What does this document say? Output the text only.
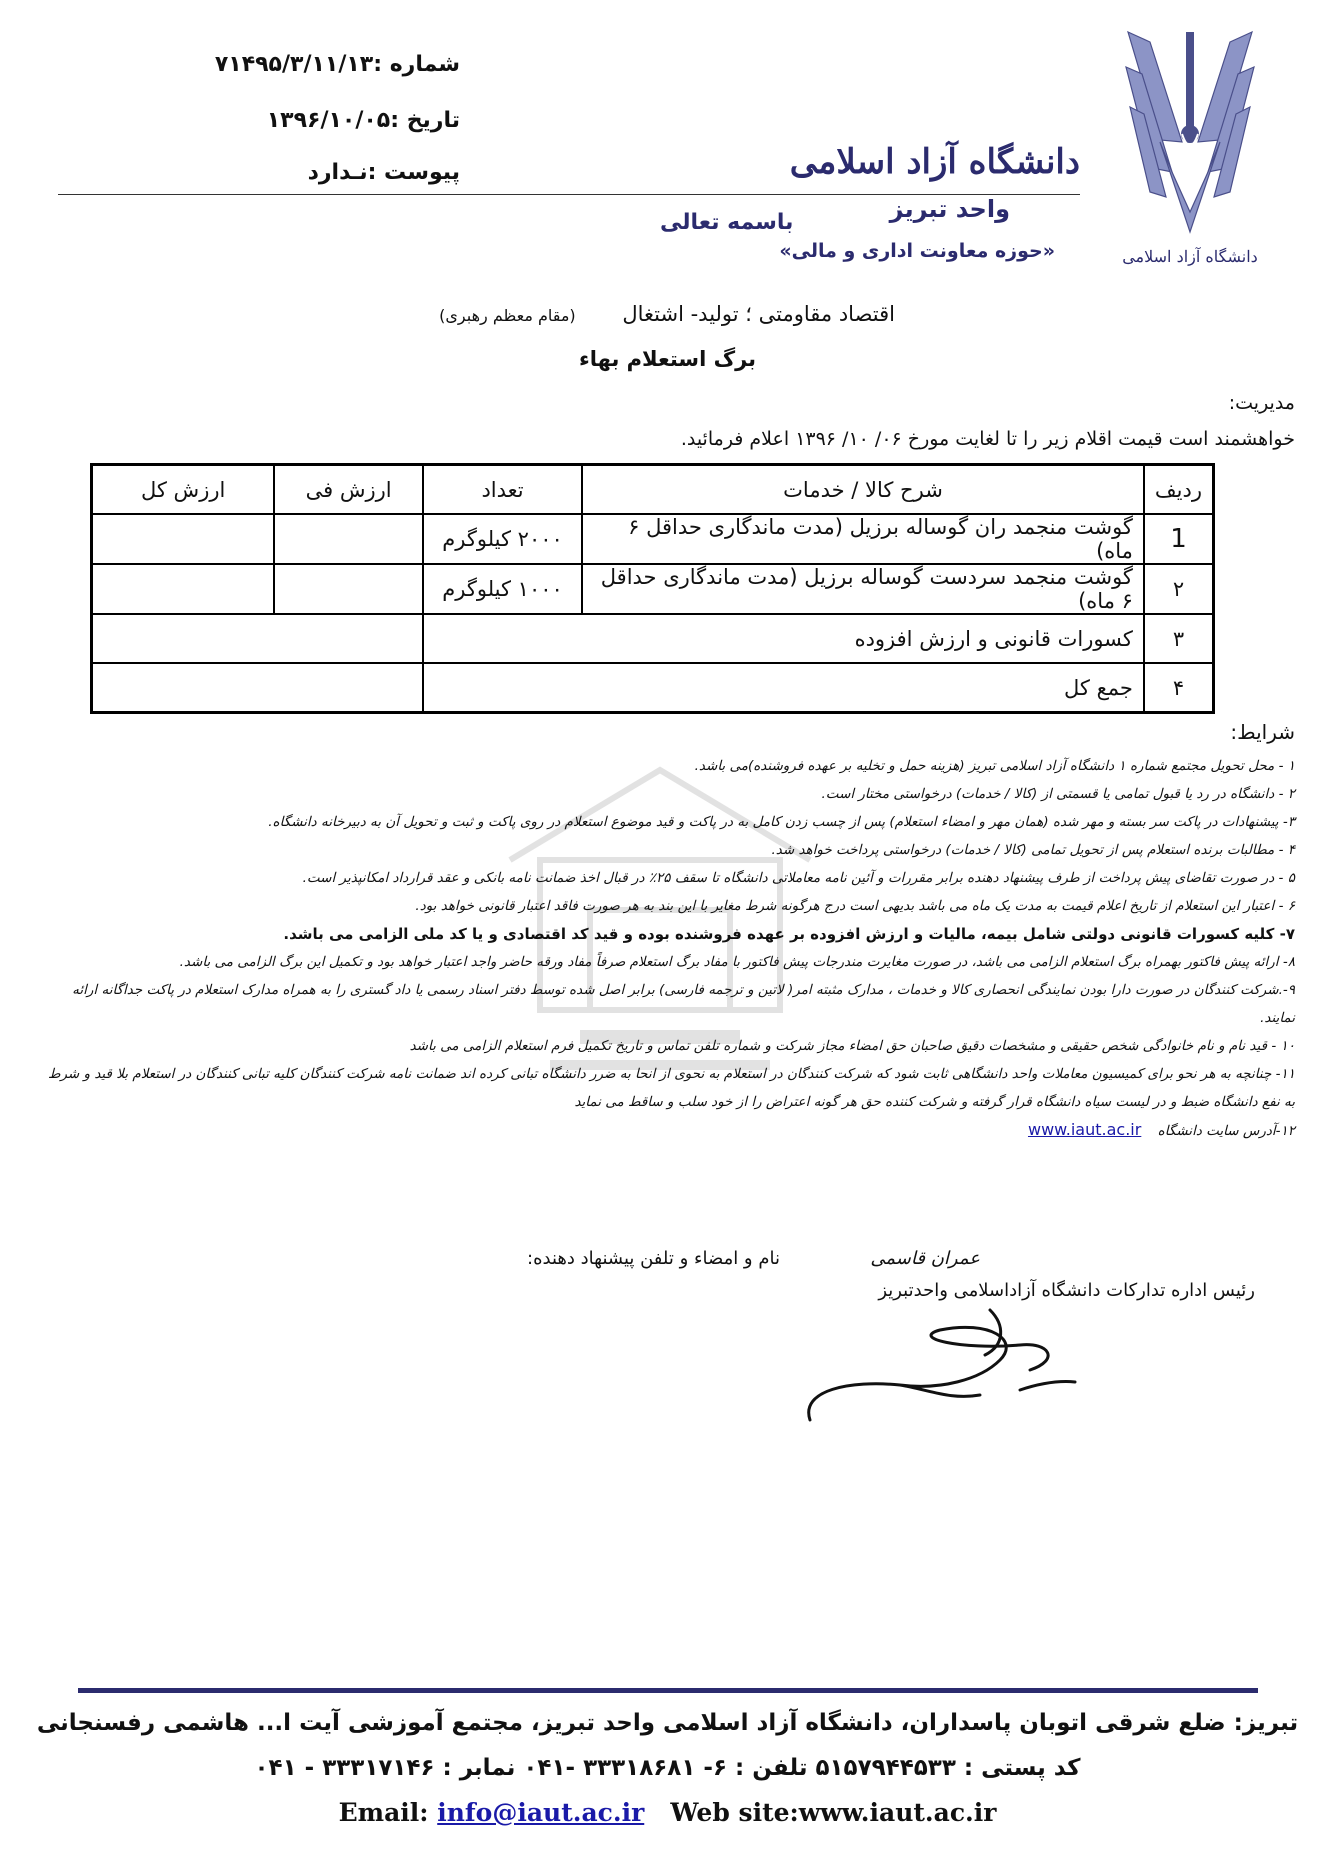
دانشگاه آزاد اسلامی
دانشگاه آزاد اسلامی
واحد تبریز
«حوزه معاونت اداری و مالی»
باسمه تعالی
شماره :۷۱۴۹۵/۳/۱۱/۱۳
تاریخ :۱۳۹۶/۱۰/۰۵
پیوست :نـدارد
اقتصاد مقاومتی ؛ تولید- اشتغال (مقام معظم رهبری)
برگ استعلام بهاء
مدیریت:
خواهشمند است قیمت اقلام زیر را تا لغایت مورخ ۰۶/ ۱۰/ ۱۳۹۶ اعلام فرمائید.
ردیف	شرح کالا / خدمات	تعداد	ارزش فی	ارزش کل
1	گوشت منجمد ران گوساله برزیل (مدت ماندگاری حداقل ۶ ماه)	۲۰۰۰ کیلوگرم		
۲	گوشت منجمد سردست گوساله برزیل (مدت ماندگاری حداقل ۶ ماه)	۱۰۰۰ کیلوگرم		
۳	کسورات قانونی و ارزش افزوده			
۴	جمع کل			
شرایط:
۱ - محل تحویل مجتمع شماره ۱ دانشگاه آزاد اسلامی تبریز (هزینه حمل و تخلیه بر عهده فروشنده)می باشد.
۲ - دانشگاه در رد یا قبول تمامی یا قسمتی از (کالا / خدمات) درخواستی مختار است.
۳- پیشنهادات در پاکت سر بسته و مهر شده (همان مهر و امضاء استعلام) پس از چسب زدن کامل به در پاکت و قید موضوع استعلام در روی پاکت و ثبت و تحویل آن به دبیرخانه دانشگاه.
۴ - مطالبات برنده استعلام پس از تحویل تمامی (کالا / خدمات) درخواستی پرداخت خواهد شد.
۵ - در صورت تقاضای پیش پرداخت از طرف پیشنهاد دهنده برابر مقررات و آئین نامه معاملاتی دانشگاه تا سقف ۲۵٪ در قبال اخذ ضمانت نامه بانکی و عقد قرارداد امکانپذیر است.
۶ - اعتبار این استعلام از تاریخ اعلام قیمت به مدت یک ماه می باشد بدیهی است درج هرگونه شرط مغایر با این بند به هر صورت فاقد اعتبار قانونی خواهد بود.
۷- کلیه کسورات قانونی دولتی شامل بیمه، مالیات و ارزش افزوده بر عهده فروشنده بوده و قید کد اقتصادی و یا کد ملی الزامی می باشد.
۸- ارائه پیش فاکتور بهمراه برگ استعلام الزامی می باشد، در صورت مغایرت مندرجات پیش فاکتور با مفاد برگ استعلام صرفاً مفاد ورقه حاضر واجد اعتبار خواهد بود و تکمیل این برگ الزامی می باشد.
۹-.شرکت کنندگان در صورت دارا بودن نمایندگی انحصاری کالا و خدمات ، مدارک مثبته امر( لاتین و ترجمه فارسی) برابر اصل شده توسط دفتر اسناد رسمی یا داد گستری را به همراه مدارک استعلام در پاکت جداگانه ارائه نمایند.
۱۰ - قید نام و نام خانوادگی شخص حقیقی و مشخصات دقیق صاحبان حق امضاء مجاز شرکت و شماره تلفن تماس و تاریخ تکمیل فرم استعلام الزامی می باشد
۱۱- چنانچه به هر نحو برای کمیسیون معاملات واحد دانشگاهی ثابت شود که شرکت کنندگان در استعلام به نحوی از انحا به ضرر دانشگاه تبانی کرده اند ضمانت نامه شرکت کنندگان کلیه تبانی کنندگان در استعلام بلا قید و شرط به نفع دانشگاه ضبط و در لیست سیاه دانشگاه قرار گرفته و شرکت کننده حق هر گونه اعتراض را از خود سلب و ساقط می نماید
۱۲-آدرس سایت دانشگاه www.iaut.ac.ir
عمران قاسمی
رئیس اداره تدارکات دانشگاه آزاداسلامی واحدتبریز
نام و امضاء و تلفن پیشنهاد دهنده:
تبریز: ضلع شرقی اتوبان پاسداران، دانشگاه آزاد اسلامی واحد تبریز، مجتمع آموزشی آیت ا... هاشمی رفسنجانی
کد پستی : ۵۱۵۷۹۴۴۵۳۳ تلفن : ۶- ۳۳۳۱۸۶۸۱ -۰۴۱ نمابر : ۳۳۳۱۷۱۴۶ - ۰۴۱
Email: info@iaut.ac.ir Web site:www.iaut.ac.ir
